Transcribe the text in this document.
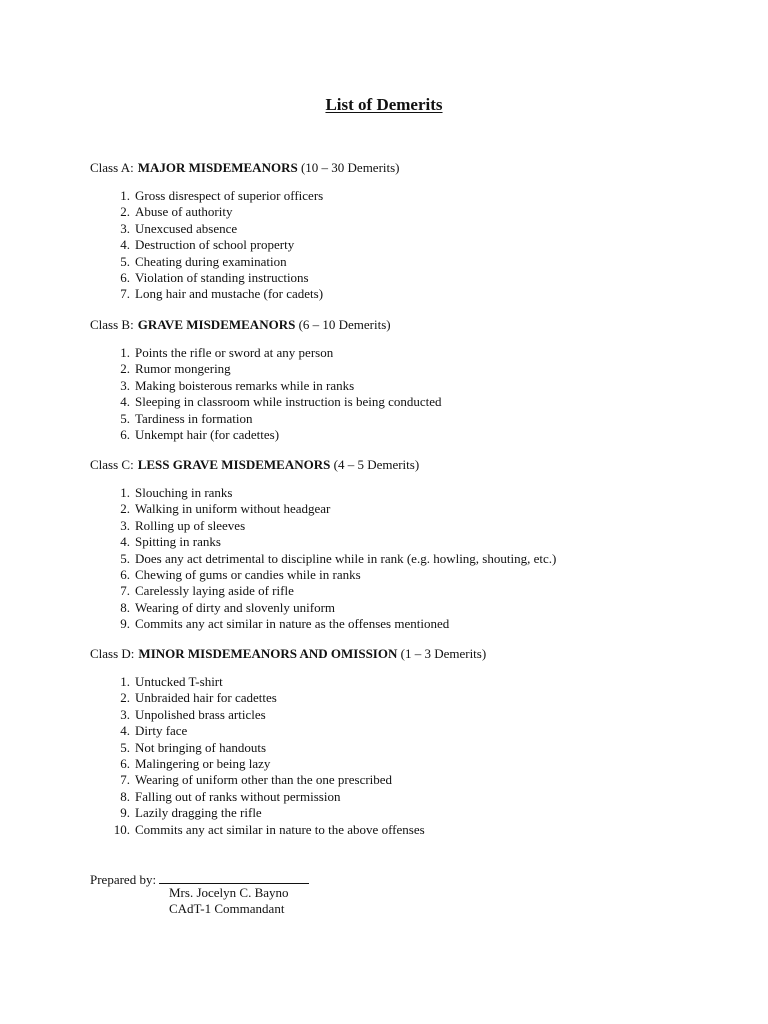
List of Demerits

Class A: MAJOR MISDEMEANORS (10 – 30 Demerits)

1. Gross disrespect of superior officers
2. Abuse of authority
3. Unexcused absence
4. Destruction of school property
5. Cheating during examination
6. Violation of standing instructions
7. Long hair and mustache (for cadets)

Class B: GRAVE MISDEMEANORS (6 – 10 Demerits)

1. Points the rifle or sword at any person
2. Rumor mongering
3. Making boisterous remarks while in ranks
4. Sleeping in classroom while instruction is being conducted
5. Tardiness in formation
6. Unkempt hair (for cadettes)

Class C: LESS GRAVE MISDEMEANORS (4 – 5 Demerits)

1. Slouching in ranks
2. Walking in uniform without headgear
3. Rolling up of sleeves
4. Spitting in ranks
5. Does any act detrimental to discipline while in rank (e.g. howling, shouting, etc.)
6. Chewing of gums or candies while in ranks
7. Carelessly laying aside of rifle
8. Wearing of dirty and slovenly uniform
9. Commits any act similar in nature as the offenses mentioned

Class D: MINOR MISDEMEANORS AND OMISSION (1 – 3 Demerits)

1. Untucked T-shirt
2. Unbraided hair for cadettes
3. Unpolished brass articles
4. Dirty face
5. Not bringing of handouts
6. Malingering or being lazy
7. Wearing of uniform other than the one prescribed
8. Falling out of ranks without permission
9. Lazily dragging the rifle
10. Commits any act similar in nature to the above offenses
Prepared by:
Mrs. Jocelyn C. Bayno
CAdT-1 Commandant
